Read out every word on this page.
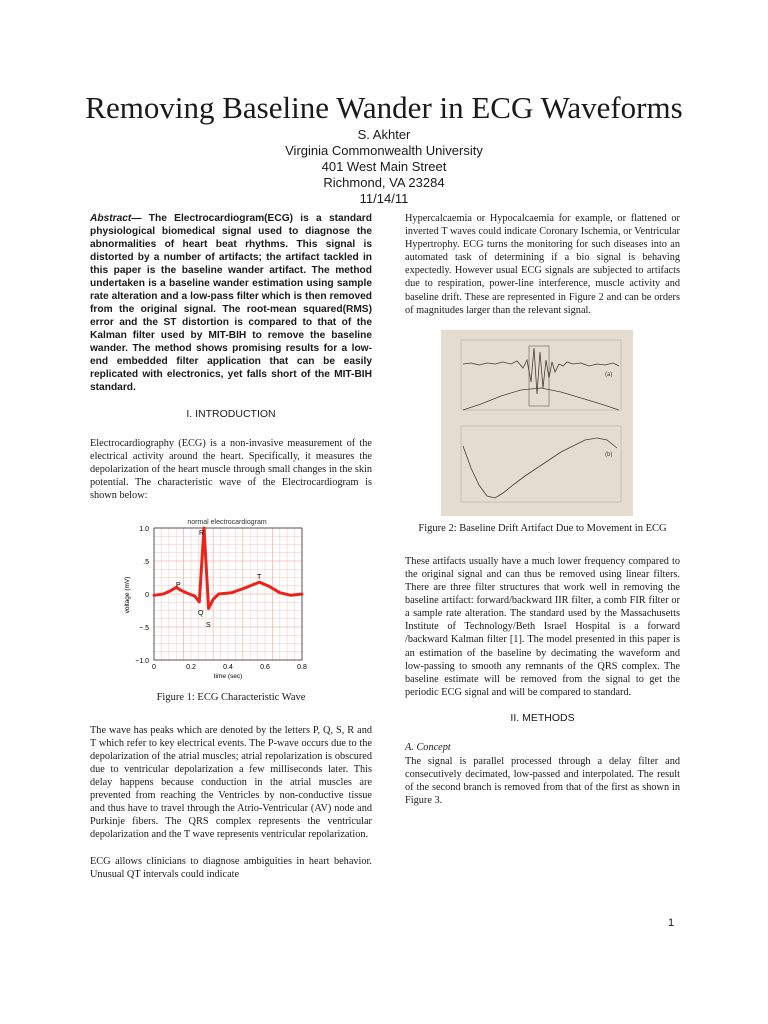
Removing Baseline Wander in ECG Waveforms
S. Akhter
Virginia Commonwealth University
401 West Main Street
Richmond, VA 23284
11/14/11
Abstract— The Electrocardiogram(ECG) is a standard physiological biomedical signal used to diagnose the abnormalities of heart beat rhythms. This signal is distorted by a number of artifacts; the artifact tackled in this paper is the baseline wander artifact. The method undertaken is a baseline wander estimation using sample rate alteration and a low-pass filter which is then removed from the original signal. The root-mean squared(RMS) error and the ST distortion is compared to that of the Kalman filter used by MIT-BIH to remove the baseline wander. The method shows promising results for a low-end embedded filter application that can be easily replicated with electronics, yet falls short of the MIT-BIH standard.
I. INTRODUCTION

Electrocardiography (ECG) is a non-invasive measurement of the electrical activity around the heart. Specifically, it measures the depolarization of the heart muscle through small changes in the skin potential. The characteristic wave of the Electrocardiogram is shown below:

normal electrocardiogram
1.0
.5
0
−.5
−1.0
0	0.2	0.4	0.6	0.8
time (sec)
voltage (mV)	P
Q
R
S
T
Figure 1: ECG Characteristic Wave

The wave has peaks which are denoted by the letters P, Q, S, R and T which refer to key electrical events. The P-wave occurs due to the depolarization of the atrial muscles; atrial repolarization is obscured due to ventricular depolarization a few milliseconds later. This delay happens because conduction in the atrial muscles are prevented from reaching the Ventricles by non-conductive tissue and thus have to travel through the Atrio-Ventricular (AV) node and Purkinje fibers. The QRS complex represents the ventricular depolarization and the T wave represents ventricular repolarization.

ECG allows clinicians to diagnose ambiguities in heart behavior. Unusual QT intervals could indicate

Hypercalcaemia or Hypocalcaemia for example, or flattened or inverted T waves could indicate Coronary Ischemia, or Ventricular Hypertrophy. ECG turns the monitoring for such diseases into an automated task of determining if a bio signal is behaving expectedly. However usual ECG signals are subjected to artifacts due to respiration, power-line interference, muscle activity and baseline drift. These are represented in Figure 2 and can be orders of magnitudes larger than the relevant signal.

(a)
(b)
Figure 2: Baseline Drift Artifact Due to Movement in ECG

These artifacts usually have a much lower frequency compared to the original signal and can thus be removed using linear filters. There are three filter structures that work well in removing the baseline artifact: forward/backward IIR filter, a comb FIR filter or a sample rate alteration. The standard used by the Massachusetts Institute of Technology/Beth Israel Hospital is a forward /backward Kalman filter [1]. The model presented in this paper is an estimation of the baseline by decimating the waveform and low-passing to smooth any remnants of the QRS complex. The baseline estimate will be removed from the signal to get the periodic ECG signal and will be compared to standard.

II. METHODS
A. Concept

The signal is parallel processed through a delay filter and consecutively decimated, low-passed and interpolated. The result of the second branch is removed from that of the first as shown in Figure 3.

1
